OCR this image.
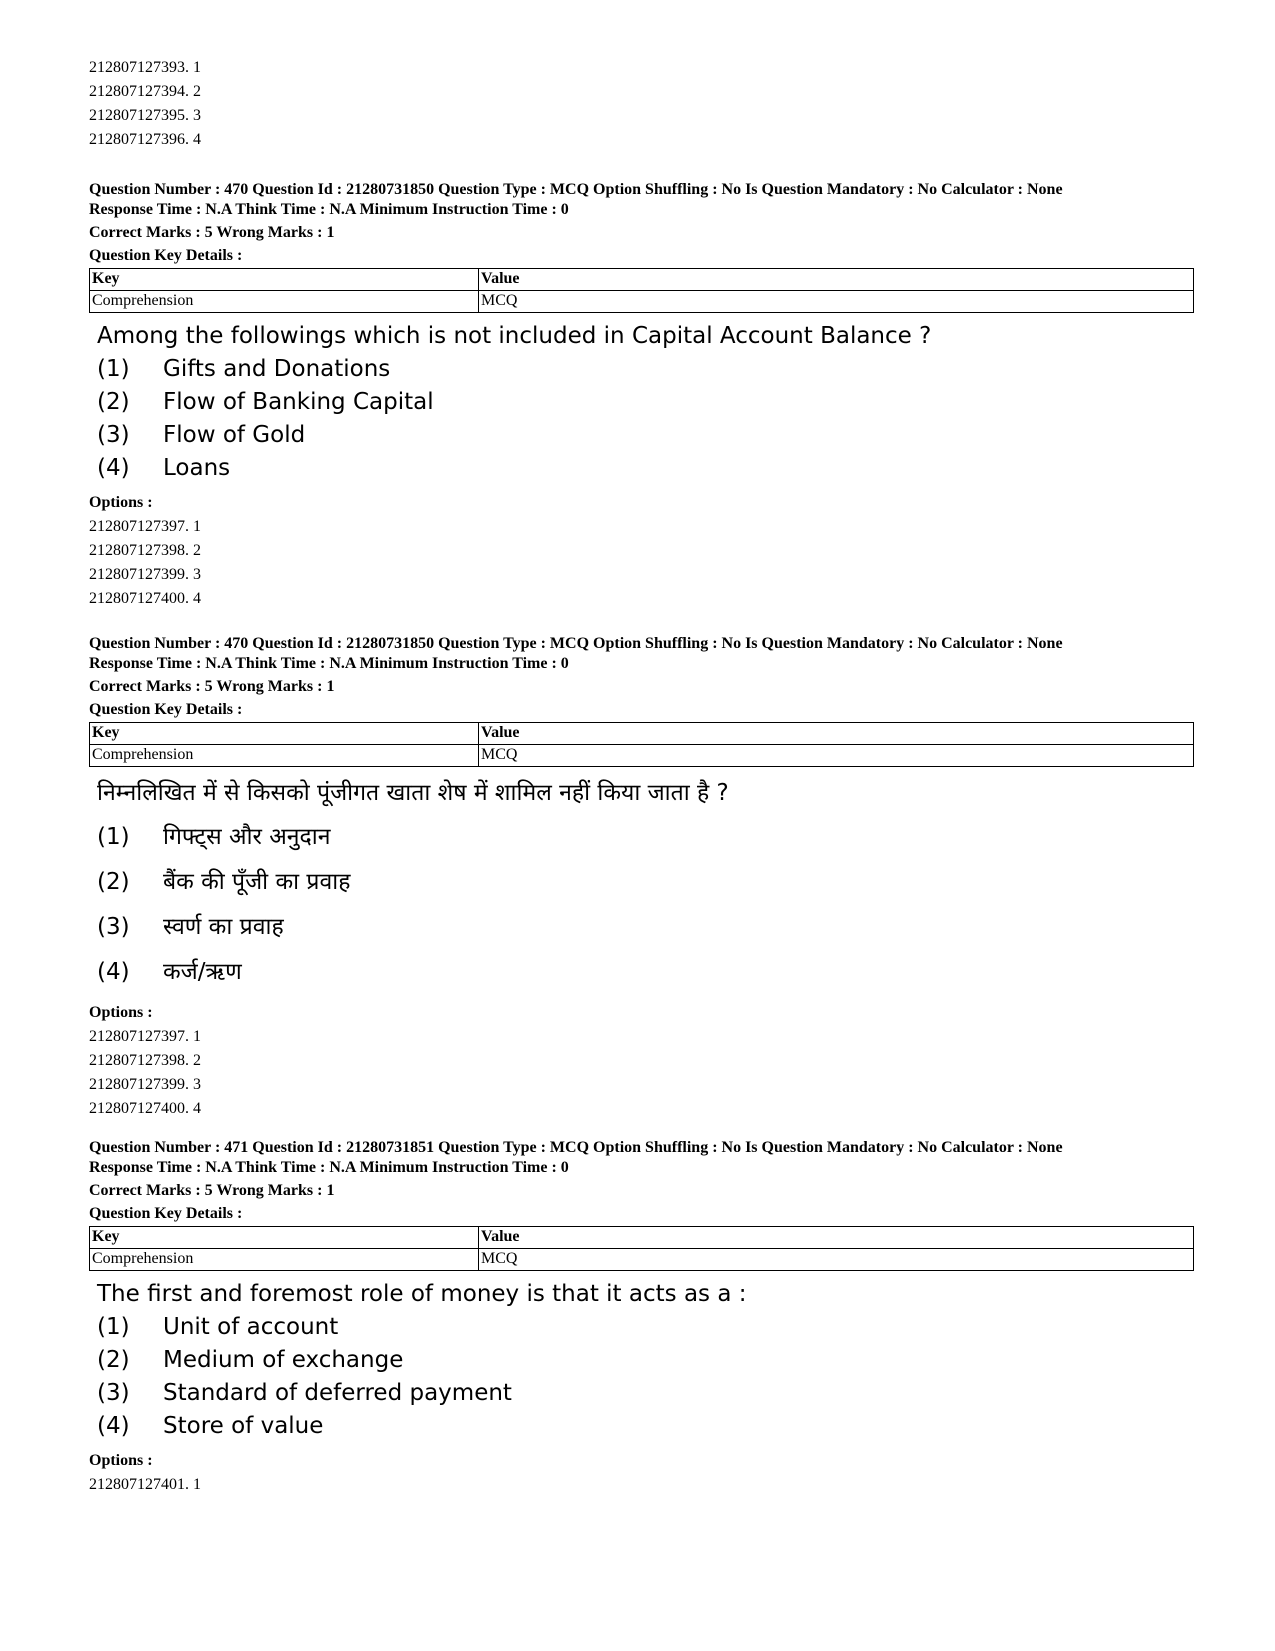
212807127393. 1
212807127394. 2
212807127395. 3
212807127396. 4
Question Number : 470 Question Id : 21280731850 Question Type : MCQ Option Shuffling : No Is Question Mandatory : No Calculator : None
Response Time : N.A Think Time : N.A Minimum Instruction Time : 0
Correct Marks : 5 Wrong Marks : 1
Question Key Details :
Key	Value
Comprehension	MCQ
Among the followings which is not included in Capital Account Balance ?
(1)	Gifts and Donations
(2)	Flow of Banking Capital
(3)	Flow of Gold
(4)	Loans
Options :
212807127397. 1
212807127398. 2
212807127399. 3
212807127400. 4
Question Number : 470 Question Id : 21280731850 Question Type : MCQ Option Shuffling : No Is Question Mandatory : No Calculator : None
Response Time : N.A Think Time : N.A Minimum Instruction Time : 0
Correct Marks : 5 Wrong Marks : 1
Question Key Details :
Key	Value
Comprehension	MCQ
निम्नलिखित में से किसको पूंजीगत खाता शेष में शामिल नहीं किया जाता है ?
(1)	गिफ्ट्स और अनुदान
(2)	बैंक की पूँजी का प्रवाह
(3)	स्वर्ण का प्रवाह
(4)	कर्ज/ऋण
Options :
212807127397. 1
212807127398. 2
212807127399. 3
212807127400. 4
Question Number : 471 Question Id : 21280731851 Question Type : MCQ Option Shuffling : No Is Question Mandatory : No Calculator : None
Response Time : N.A Think Time : N.A Minimum Instruction Time : 0
Correct Marks : 5 Wrong Marks : 1
Question Key Details :
Key	Value
Comprehension	MCQ
The first and foremost role of money is that it acts as a :
(1)	Unit of account
(2)	Medium of exchange
(3)	Standard of deferred payment
(4)	Store of value
Options :
212807127401. 1
